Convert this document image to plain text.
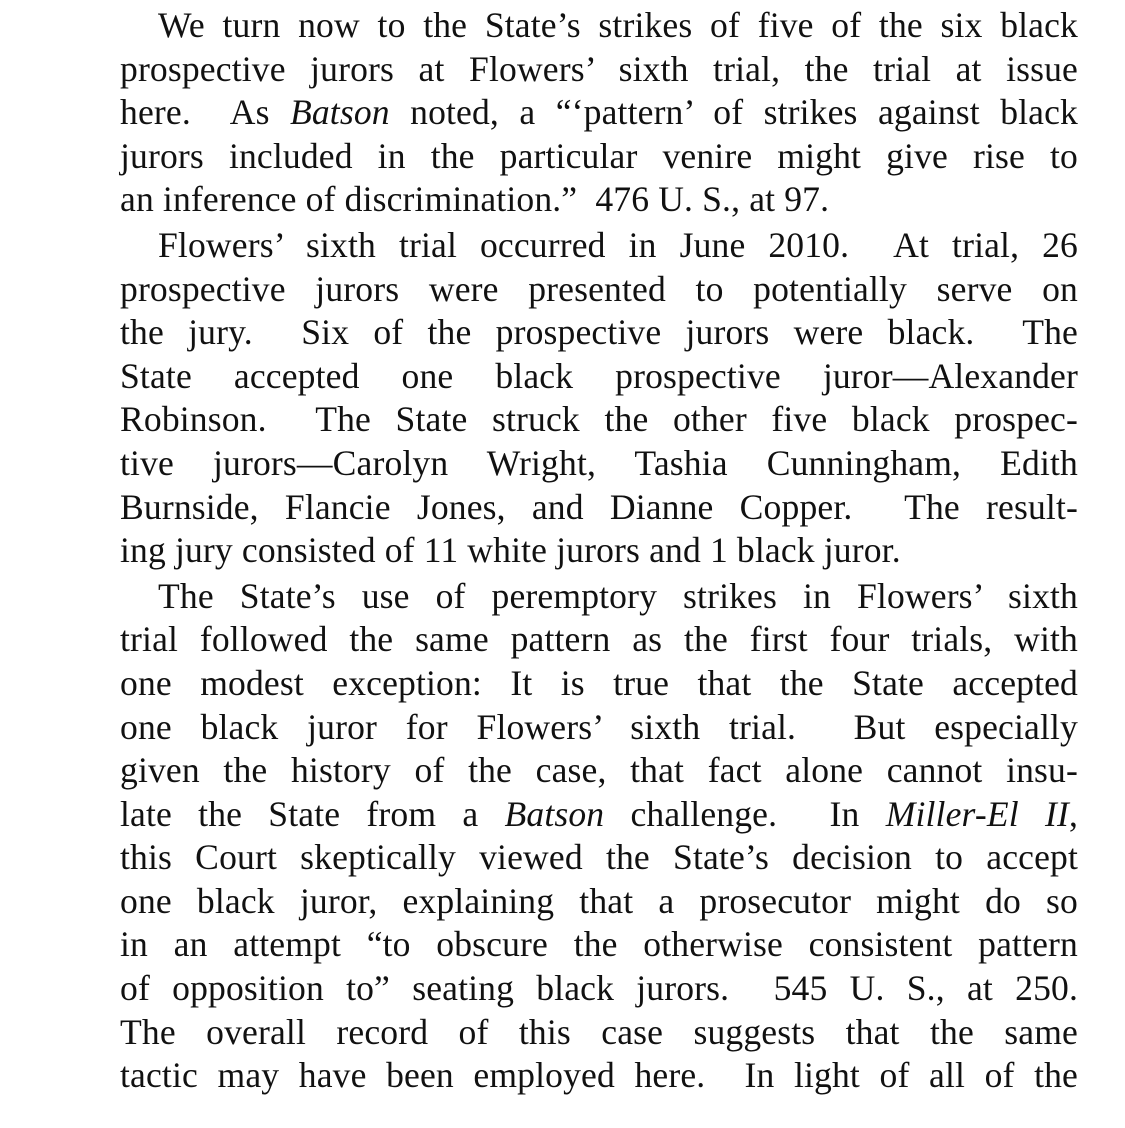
We turn now to the State’s strikes of five of the six black
prospective jurors at Flowers’ sixth trial, the trial at issue
here.  As Batson noted, a “‘pattern’ of strikes against black
jurors included in the particular venire might give rise to
an inference of discrimination.”  476 U. S., at 97.
Flowers’ sixth trial occurred in June 2010.  At trial, 26
prospective jurors were presented to potentially serve on
the jury.  Six of the prospective jurors were black.  The
State accepted one black prospective juror—Alexander
Robinson.  The State struck the other five black prospec-
tive jurors—Carolyn Wright, Tashia Cunningham, Edith
Burnside, Flancie Jones, and Dianne Copper.  The result-
ing jury consisted of 11 white jurors and 1 black juror.
The State’s use of peremptory strikes in Flowers’ sixth
trial followed the same pattern as the first four trials, with
one modest exception: It is true that the State accepted
one black juror for Flowers’ sixth trial.  But especially
given the history of the case, that fact alone cannot insu-
late the State from a Batson challenge.  In Miller-El II,
this Court skeptically viewed the State’s decision to accept
one black juror, explaining that a prosecutor might do so
in an attempt “to obscure the otherwise consistent pattern
of opposition to” seating black jurors.  545 U. S., at 250.
The overall record of this case suggests that the same
tactic may have been employed here.  In light of all of the
